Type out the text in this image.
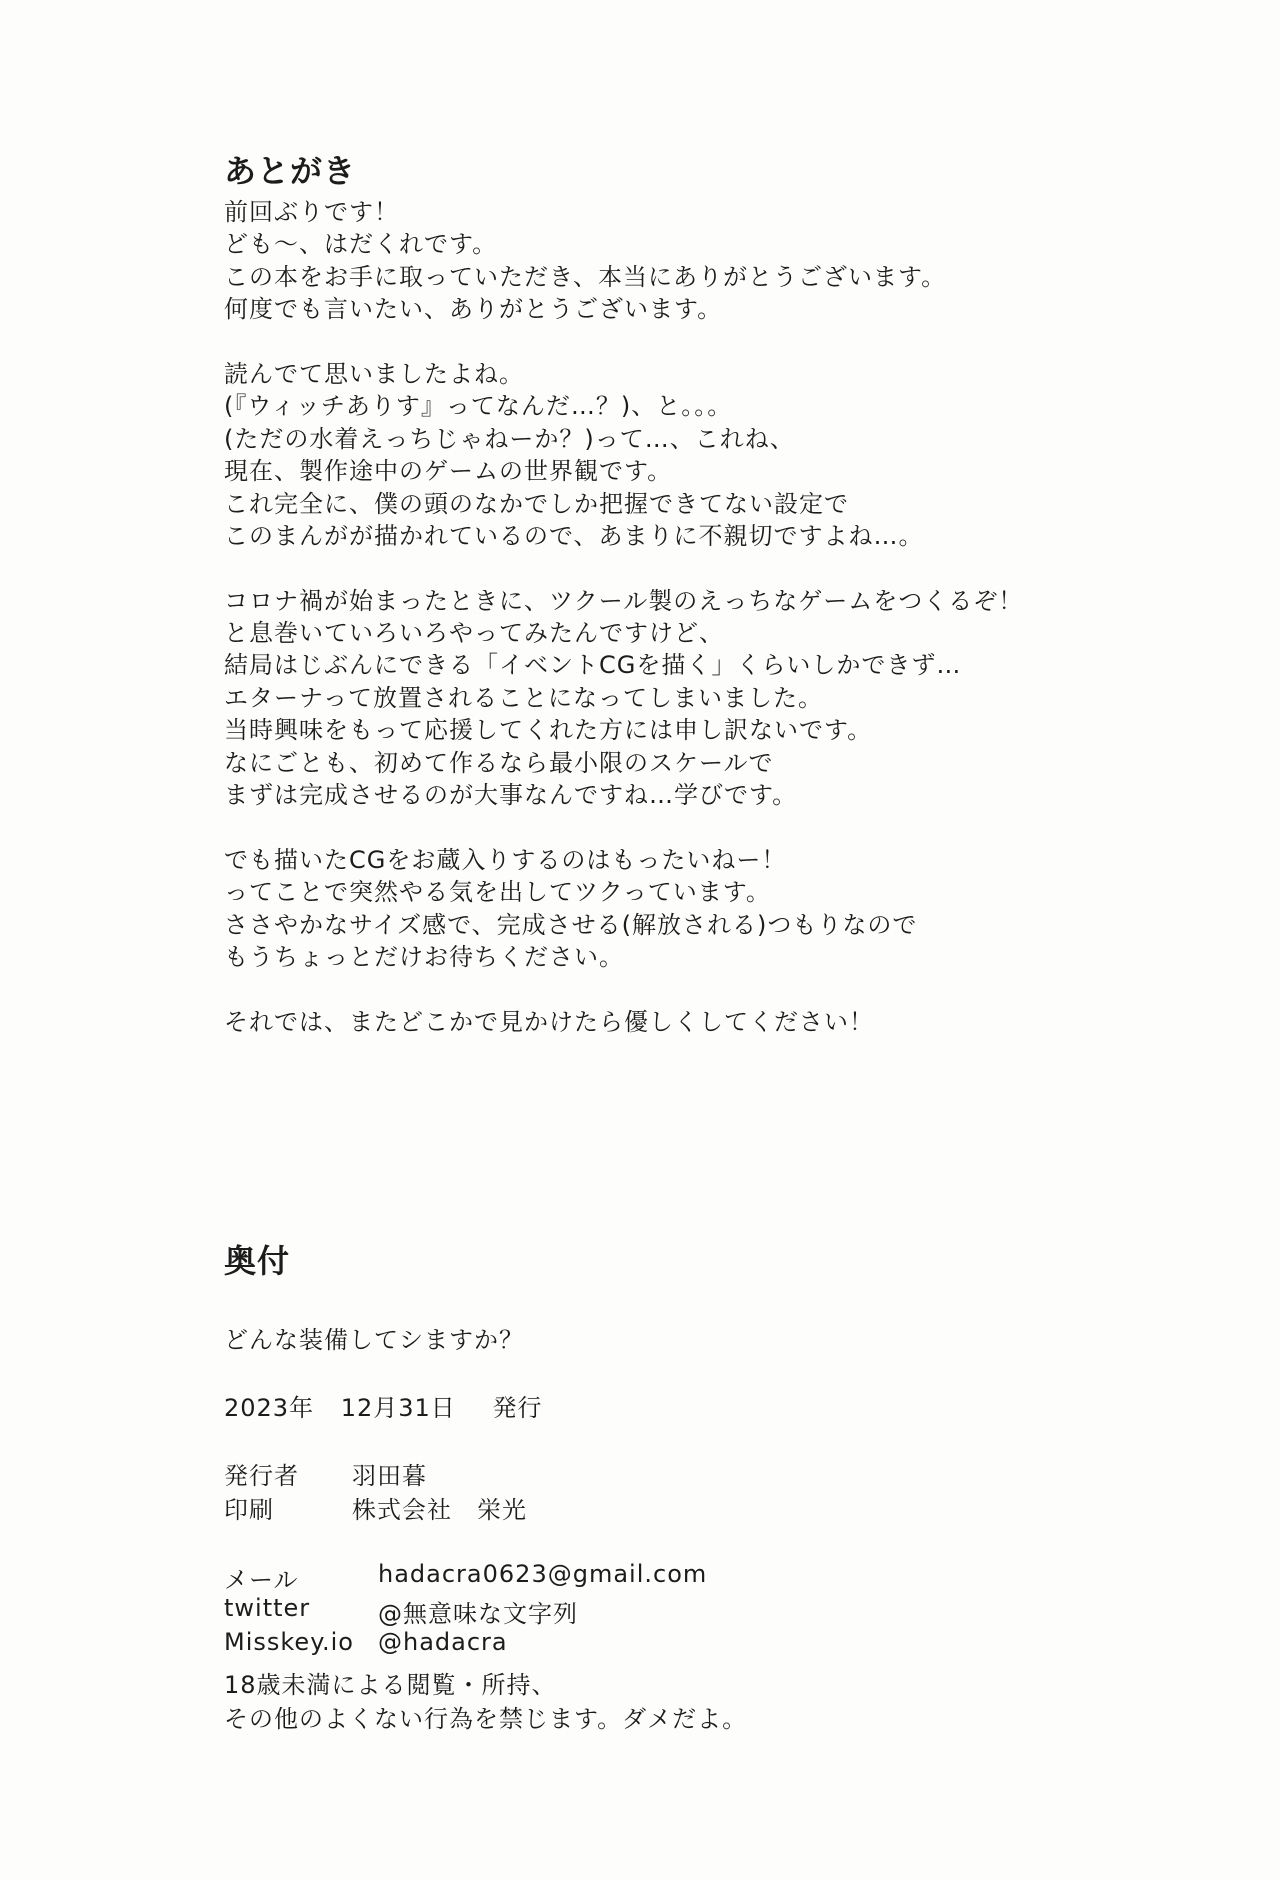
あとがき
前回ぶりです！
ども～、はだくれです。
この本をお手に取っていただき、本当にありがとうございます。
何度でも言いたい、ありがとうございます。
読んでて思いましたよね。
(『ウィッチありす』ってなんだ…？)、と。。。
(ただの水着えっちじゃねーか？)って…、これね、
現在、製作途中のゲームの世界観です。
これ完全に、僕の頭のなかでしか把握できてない設定で
このまんがが描かれているので、あまりに不親切ですよね…。
コロナ禍が始まったときに、ツクール製のえっちなゲームをつくるぞ！
と息巻いていろいろやってみたんですけど、
結局はじぶんにできる「イベントCGを描く」くらいしかできず…
エターナって放置されることになってしまいました。
当時興味をもって応援してくれた方には申し訳ないです。
なにごとも、初めて作るなら最小限のスケールで
まずは完成させるのが大事なんですね…学びです。
でも描いたCGをお蔵入りするのはもったいねー！
ってことで突然やる気を出してツクっています。
ささやかなサイズ感で、完成させる(解放される)つもりなので
もうちょっとだけお待ちください。
それでは、またどこかで見かけたら優しくしてください！
奥付
どんな装備してシますか？
2023年 12月31日 発行
発行者 羽田暮
印刷	株式会社　栄光
メール	hadacra0623@gmail.com
twitter	@無意味な文字列
Misskey.io @hadacra
18歳未満による閲覧・所持、
その他のよくない行為を禁じます。ダメだよ。
